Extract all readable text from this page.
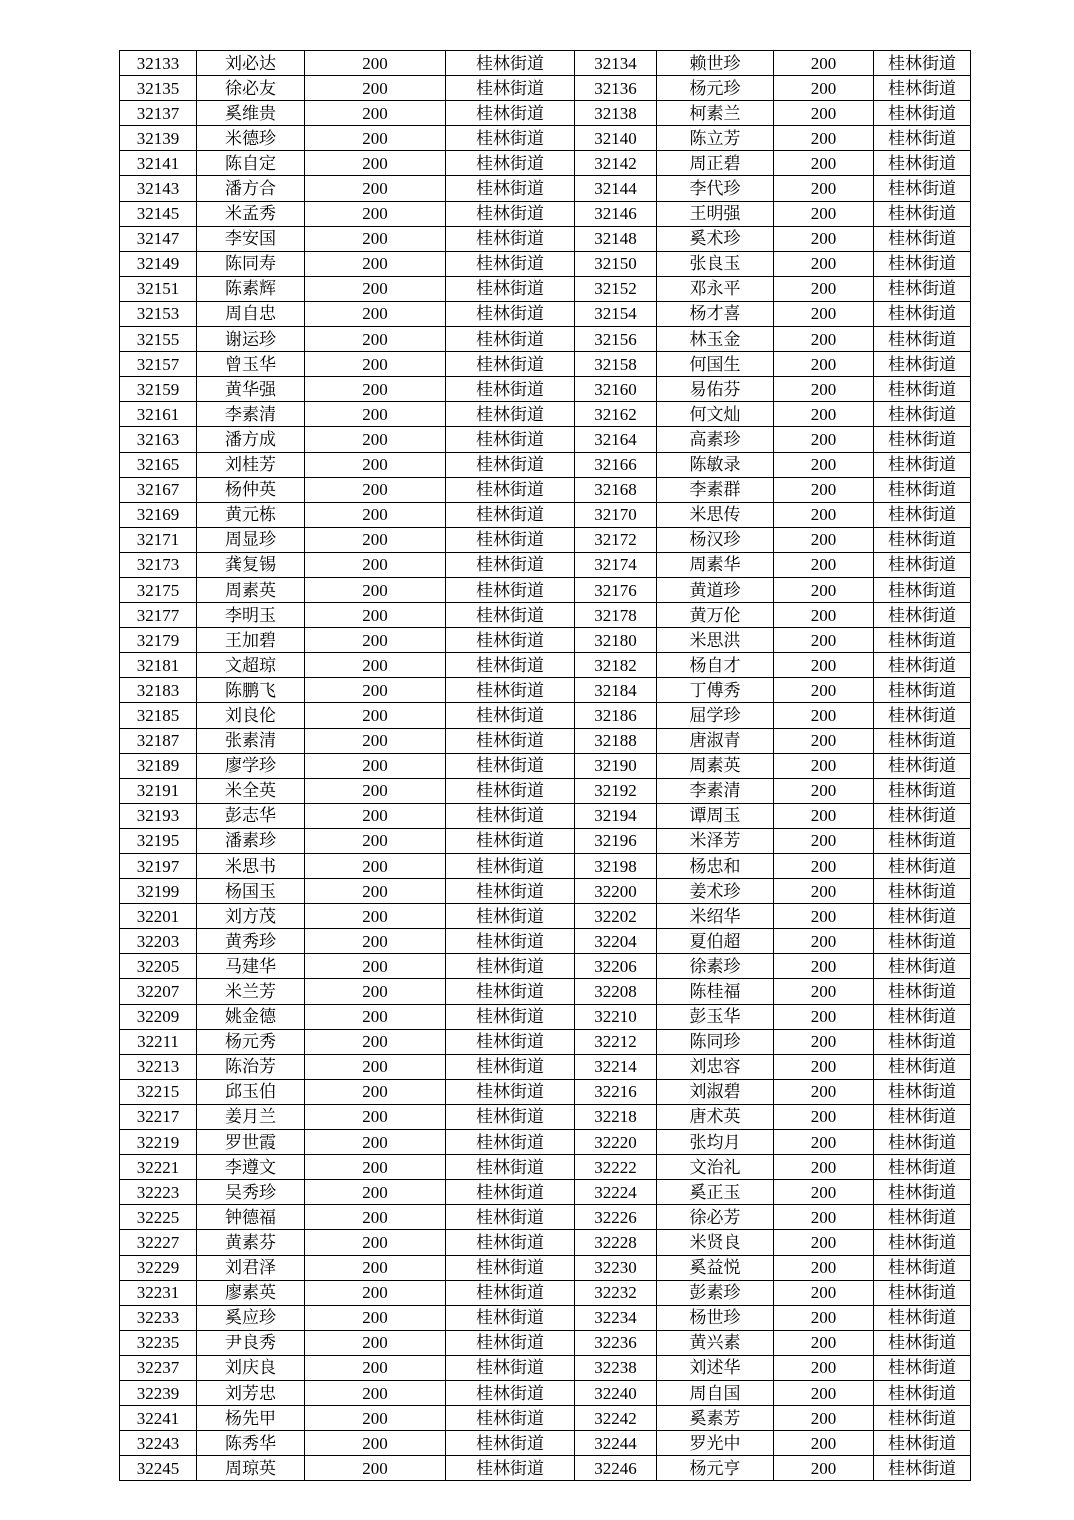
32133	刘必达	200	桂林街道	32134	赖世珍	200	桂林街道
32135	徐必友	200	桂林街道	32136	杨元珍	200	桂林街道
32137	奚维贵	200	桂林街道	32138	柯素兰	200	桂林街道
32139	米德珍	200	桂林街道	32140	陈立芳	200	桂林街道
32141	陈自定	200	桂林街道	32142	周正碧	200	桂林街道
32143	潘方合	200	桂林街道	32144	李代珍	200	桂林街道
32145	米孟秀	200	桂林街道	32146	王明强	200	桂林街道
32147	李安国	200	桂林街道	32148	奚术珍	200	桂林街道
32149	陈同寿	200	桂林街道	32150	张良玉	200	桂林街道
32151	陈素辉	200	桂林街道	32152	邓永平	200	桂林街道
32153	周自忠	200	桂林街道	32154	杨才喜	200	桂林街道
32155	谢运珍	200	桂林街道	32156	林玉金	200	桂林街道
32157	曾玉华	200	桂林街道	32158	何国生	200	桂林街道
32159	黄华强	200	桂林街道	32160	易佑芬	200	桂林街道
32161	李素清	200	桂林街道	32162	何文灿	200	桂林街道
32163	潘方成	200	桂林街道	32164	高素珍	200	桂林街道
32165	刘桂芳	200	桂林街道	32166	陈敏录	200	桂林街道
32167	杨仲英	200	桂林街道	32168	李素群	200	桂林街道
32169	黄元栋	200	桂林街道	32170	米思传	200	桂林街道
32171	周显珍	200	桂林街道	32172	杨汉珍	200	桂林街道
32173	龚复锡	200	桂林街道	32174	周素华	200	桂林街道
32175	周素英	200	桂林街道	32176	黄道珍	200	桂林街道
32177	李明玉	200	桂林街道	32178	黄万伦	200	桂林街道
32179	王加碧	200	桂林街道	32180	米思洪	200	桂林街道
32181	文超琼	200	桂林街道	32182	杨自才	200	桂林街道
32183	陈鹏飞	200	桂林街道	32184	丁傅秀	200	桂林街道
32185	刘良伦	200	桂林街道	32186	屈学珍	200	桂林街道
32187	张素清	200	桂林街道	32188	唐淑青	200	桂林街道
32189	廖学珍	200	桂林街道	32190	周素英	200	桂林街道
32191	米全英	200	桂林街道	32192	李素清	200	桂林街道
32193	彭志华	200	桂林街道	32194	谭周玉	200	桂林街道
32195	潘素珍	200	桂林街道	32196	米泽芳	200	桂林街道
32197	米思书	200	桂林街道	32198	杨忠和	200	桂林街道
32199	杨国玉	200	桂林街道	32200	姜术珍	200	桂林街道
32201	刘方茂	200	桂林街道	32202	米绍华	200	桂林街道
32203	黄秀珍	200	桂林街道	32204	夏伯超	200	桂林街道
32205	马建华	200	桂林街道	32206	徐素珍	200	桂林街道
32207	米兰芳	200	桂林街道	32208	陈桂福	200	桂林街道
32209	姚金德	200	桂林街道	32210	彭玉华	200	桂林街道
32211	杨元秀	200	桂林街道	32212	陈同珍	200	桂林街道
32213	陈治芳	200	桂林街道	32214	刘忠容	200	桂林街道
32215	邱玉伯	200	桂林街道	32216	刘淑碧	200	桂林街道
32217	姜月兰	200	桂林街道	32218	唐术英	200	桂林街道
32219	罗世霞	200	桂林街道	32220	张均月	200	桂林街道
32221	李遵文	200	桂林街道	32222	文治礼	200	桂林街道
32223	吴秀珍	200	桂林街道	32224	奚正玉	200	桂林街道
32225	钟德福	200	桂林街道	32226	徐必芳	200	桂林街道
32227	黄素芬	200	桂林街道	32228	米贤良	200	桂林街道
32229	刘君泽	200	桂林街道	32230	奚益悦	200	桂林街道
32231	廖素英	200	桂林街道	32232	彭素珍	200	桂林街道
32233	奚应珍	200	桂林街道	32234	杨世珍	200	桂林街道
32235	尹良秀	200	桂林街道	32236	黄兴素	200	桂林街道
32237	刘庆良	200	桂林街道	32238	刘述华	200	桂林街道
32239	刘芳忠	200	桂林街道	32240	周自国	200	桂林街道
32241	杨先甲	200	桂林街道	32242	奚素芳	200	桂林街道
32243	陈秀华	200	桂林街道	32244	罗光中	200	桂林街道
32245	周琼英	200	桂林街道	32246	杨元亨	200	桂林街道
